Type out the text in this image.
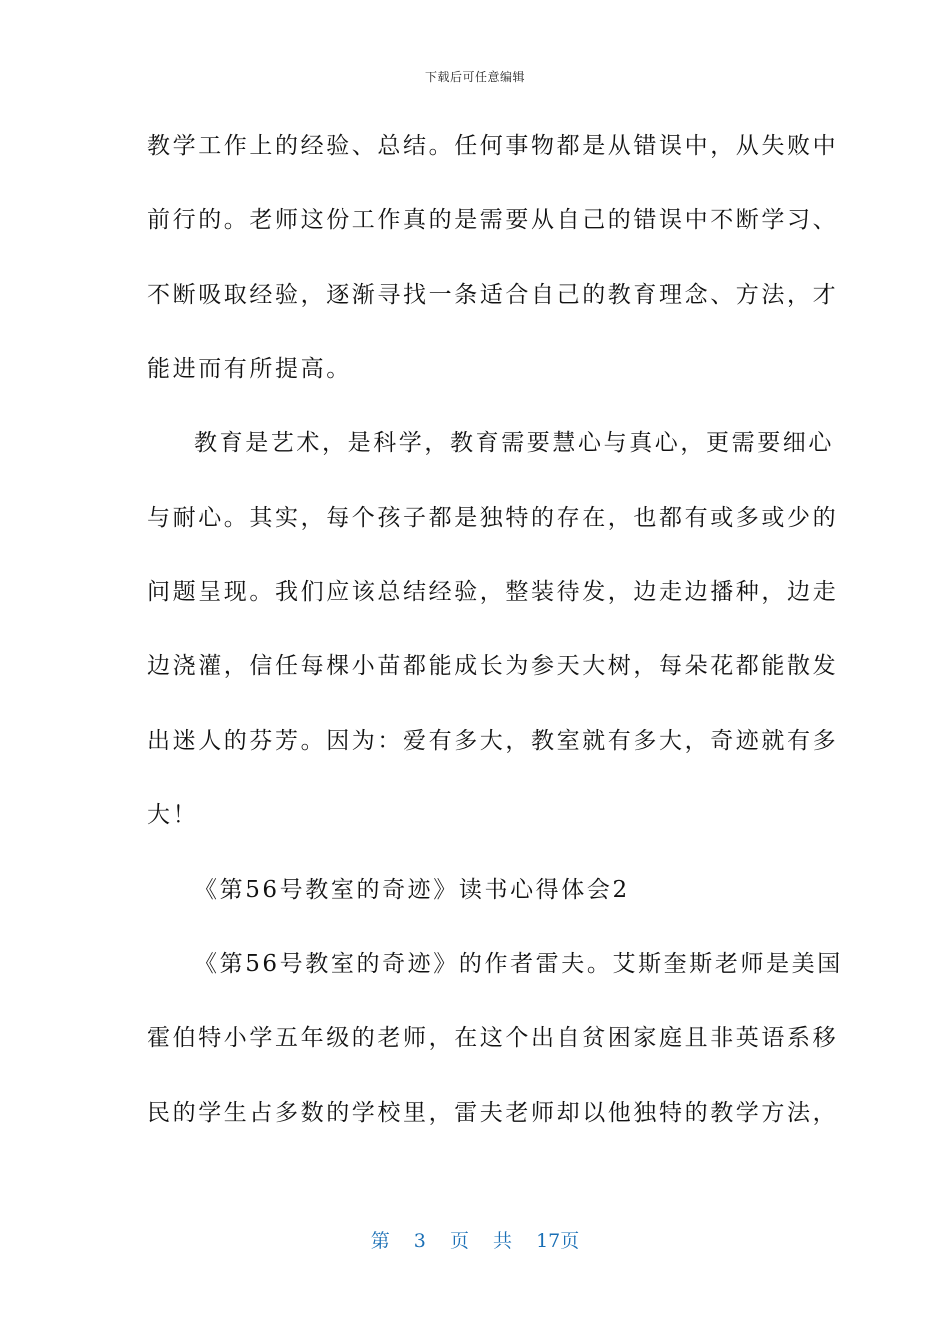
下载后可任意编辑
教学工作上的经验、总结。任何事物都是从错误中，从失败中
前行的。老师这份工作真的是需要从自己的错误中不断学习、
不断吸取经验，逐渐寻找一条适合自己的教育理念、方法，才
能进而有所提高。
教育是艺术，是科学，教育需要慧心与真心，更需要细心
与耐心。其实，每个孩子都是独特的存在，也都有或多或少的
问题呈现。我们应该总结经验，整装待发，边走边播种，边走
边浇灌，信任每棵小苗都能成长为参天大树，每朵花都能散发
出迷人的芬芳。因为：爱有多大，教室就有多大，奇迹就有多
大！
《第56号教室的奇迹》读书心得体会2
《第56号教室的奇迹》的作者雷夫。艾斯奎斯老师是美国
霍伯特小学五年级的老师，在这个出自贫困家庭且非英语系移
民的学生占多数的学校里，雷夫老师却以他独特的教学方法，
第 3 页 共 17页
